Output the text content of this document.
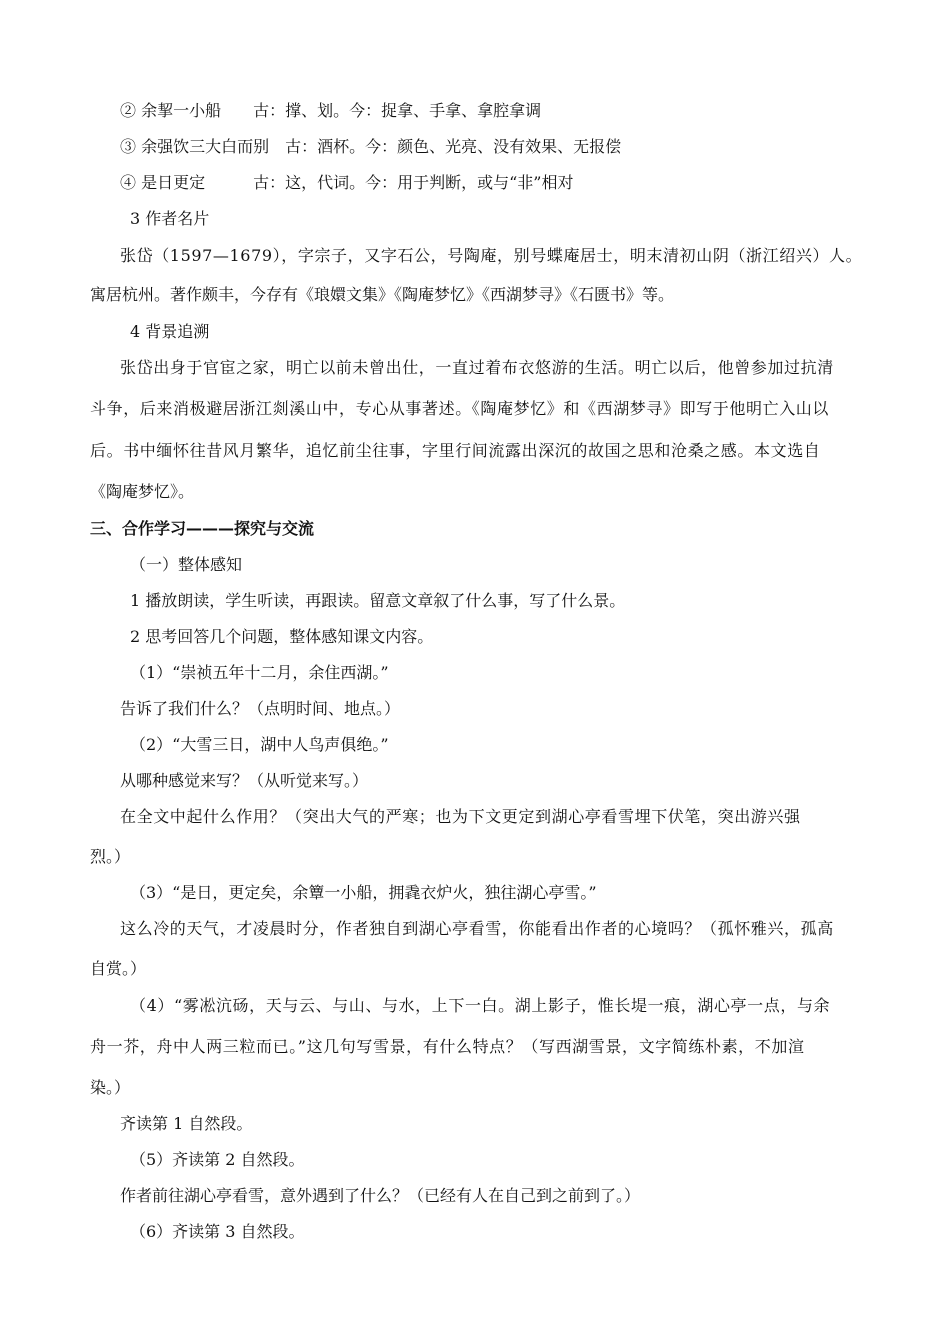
② 余挈一小船　　古：撑、划。今：捉拿、手拿、拿腔拿调
③ 余强饮三大白而别　古：酒杯。今：颜色、光亮、没有效果、无报偿
④ 是日更定　　　古：这，代词。今：用于判断，或与“非”相对
3 作者名片
张岱（1597—1679），字宗子，又字石公，号陶庵，别号蝶庵居士，明末清初山阴（浙江绍兴）人。
寓居杭州。著作颇丰，今存有《琅嬛文集》《陶庵梦忆》《西湖梦寻》《石匮书》等。
4 背景追溯
张岱出身于官宦之家，明亡以前未曾出仕，一直过着布衣悠游的生活。明亡以后，他曾参加过抗清
斗争，后来消极避居浙江剡溪山中，专心从事著述。《陶庵梦忆》和《西湖梦寻》即写于他明亡入山以
后。书中缅怀往昔风月繁华，追忆前尘往事，字里行间流露出深沉的故国之思和沧桑之感。本文选自
《陶庵梦忆》。
三、合作学习———探究与交流
（一）整体感知
1 播放朗读，学生听读，再跟读。留意文章叙了什么事，写了什么景。
2 思考回答几个问题，整体感知课文内容。
（1）“崇祯五年十二月，余住西湖。”
告诉了我们什么？（点明时间、地点。）
（2）“大雪三日，湖中人鸟声俱绝。”
从哪种感觉来写？（从听觉来写。）
在全文中起什么作用？（突出大气的严寒；也为下文更定到湖心亭看雪埋下伏笔，突出游兴强
烈。）
（3）“是日，更定矣，余簟一小船，拥毳衣炉火，独往湖心亭雪。”
这么冷的天气，才凌晨时分，作者独自到湖心亭看雪，你能看出作者的心境吗？（孤怀雅兴，孤高
自赏。）
（4）“雾凇沆砀，天与云、与山、与水，上下一白。湖上影子，惟长堤一痕，湖心亭一点，与余
舟一芥，舟中人两三粒而已。”这几句写雪景，有什么特点？（写西湖雪景，文字简练朴素，不加渲
染。）
齐读第 1 自然段。
（5）齐读第 2 自然段。
作者前往湖心亭看雪，意外遇到了什么？（已经有人在自己到之前到了。）
（6）齐读第 3 自然段。
